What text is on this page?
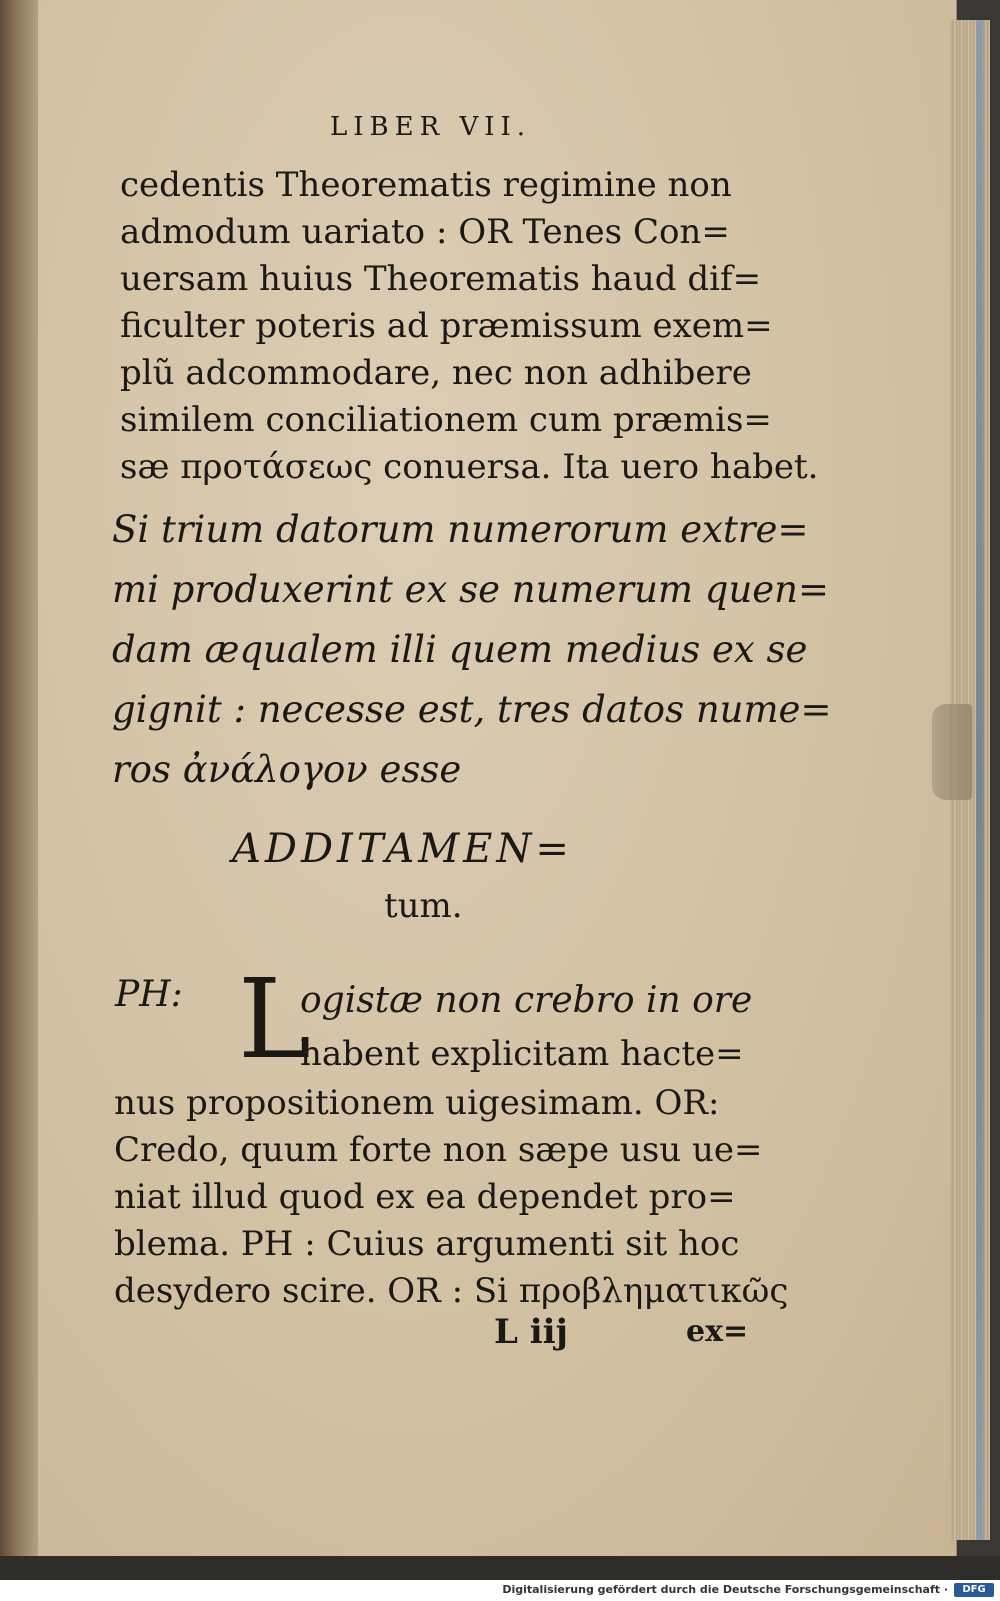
LIBER VII.
cedentis Theorematis regimine non
admodum uariato : OR Tenes Con=
uersam huius Theorematis haud dif=
ficulter poteris ad præmissum exem=
plũ adcommodare, nec non adhibere
similem conciliationem cum præmis=
sæ προτάσεως conuersa. Ita uero habet.
Si trium datorum numerorum extre=
mi produxerint ex se numerum quen=
dam æqualem illi quem medius ex se
gignit : necesse est, tres datos nume=
ros ἀνάλογον esse
ADDITAMEN=
tum.
PH: L
ogistæ non crebro in ore
habent explicitam hacte=
nus propositionem uigesimam. OR:
Credo, quum forte non sæpe usu ue=
niat illud quod ex ea dependet pro=
blema. PH : Cuius argumenti sit hoc
desydero scire. OR : Si προβληματικῶς
L iij	ex=
Digitalisierung gefördert durch die Deutsche Forschungsgemeinschaft ·	DFG
